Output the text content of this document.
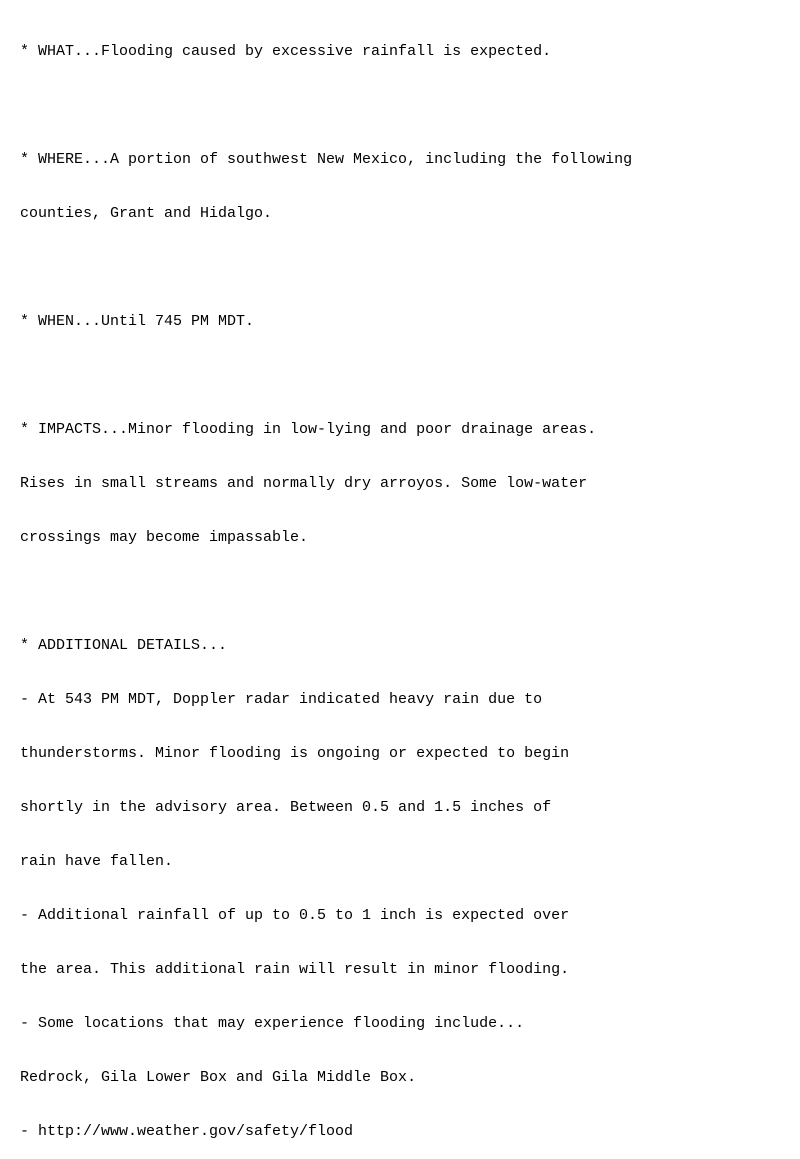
* WHAT...Flooding caused by excessive rainfall is expected.

* WHERE...A portion of southwest New Mexico, including the following

counties, Grant and Hidalgo.

* WHEN...Until 745 PM MDT.

* IMPACTS...Minor flooding in low-lying and poor drainage areas.

Rises in small streams and normally dry arroyos. Some low-water

crossings may become impassable.

* ADDITIONAL DETAILS...

- At 543 PM MDT, Doppler radar indicated heavy rain due to

thunderstorms. Minor flooding is ongoing or expected to begin

shortly in the advisory area. Between 0.5 and 1.5 inches of

rain have fallen.

- Additional rainfall of up to 0.5 to 1 inch is expected over

the area. This additional rain will result in minor flooding.

- Some locations that may experience flooding include...

Redrock, Gila Lower Box and Gila Middle Box.

- http://www.weather.gov/safety/flood
